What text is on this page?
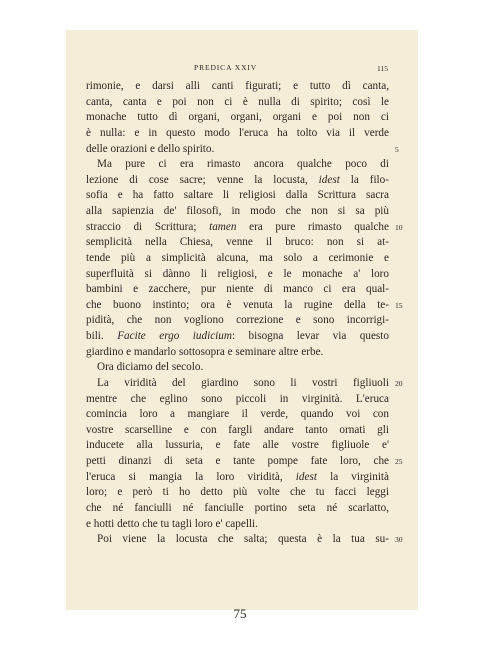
PREDICA XXIV	115
rimonie, e darsi alli canti figurati; e tutto dì canta,
canta, canta e poi non ci è nulla di spirito; così le
monache tutto dì organi, organi, organi e poi non ci
è nulla: e in questo modo l'eruca ha tolto via il verde
delle orazioni e dello spirito.
Ma pure ci era rimasto ancora qualche poco di
lezione di cose sacre; venne la locusta, idest la filo-
sofia e ha fatto saltare li religiosi dalla Scrittura sacra
alla sapienzia de' filosofi, in modo che non si sa più
straccio di Scrittura; tamen era pure rimasto qualche
semplicità nella Chiesa, venne il bruco: non si at-
tende più a simplicità alcuna, ma solo a cerimonie e
superfluità si dànno li religiosi, e le monache a' loro
bambini e zacchere, pur niente di manco ci era qual-
che buono instinto; ora è venuta la rugine della te-
pidità, che non vogliono correzione e sono incorrigi-
bili. Facite ergo iudicium: bisogna levar via questo
giardino e mandarlo sottosopra e seminare altre erbe.
Ora diciamo del secolo.
La viridità del giardino sono li vostri figliuoli
mentre che eglino sono piccoli in virginità. L'eruca
comincia loro a mangiare il verde, quando voi con
vostre scarselline e con fargli andare tanto ornati gli
inducete alla lussuria, e fate alle vostre figliuole e'
petti dinanzi di seta e tante pompe fate loro, che
l'eruca si mangia la loro viridità, idest la virginità
loro; e però ti ho detto più volte che tu facci leggi
che né fanciulli né fanciulle portino seta né scarlatto,
e hotti detto che tu tagli loro e' capelli.
Poi viene la locusta che salta; questa è la tua su-
5
10
15
20
25
30
75
